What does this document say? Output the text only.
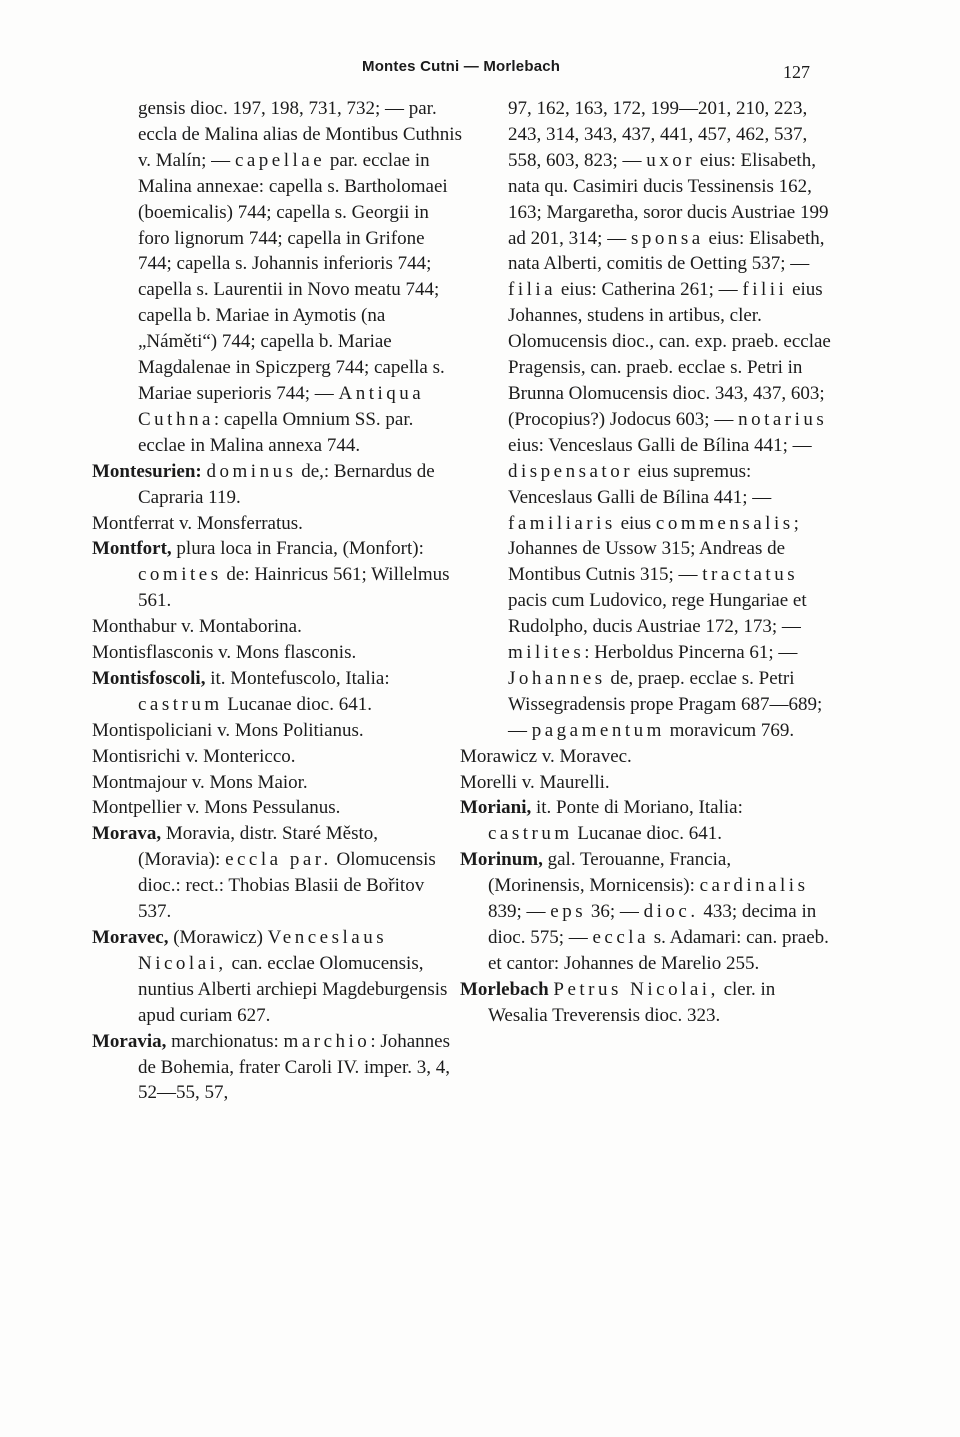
Montes Cutni — Morlebach	127

gensis dioc. 197, 198, 731, 732; — par. eccla de Malina alias de Montibus Cuthnis v. Malín; — capellae par. ecclae in Malina annexae: capella s. Bartholomaei (boemicalis) 744; capella s. Georgii in foro lignorum 744; capella in Grifone 744; capella s. Johannis inferioris 744; capella s. Laurentii in Novo meatu 744; capella b. Mariae in Aymotis (na „Náměti“) 744; capella b. Mariae Magdalenae in Spiczperg 744; capella s. Mariae superioris 744; — Antiqua Cuthna: capella Omnium SS. par. ecclae in Malina annexa 744.

Montesurien: dominus de,: Bernardus de Capraria 119.

Montferrat v. Monsferratus.

Montfort, plura loca in Francia, (Monfort): comites de: Hainricus 561; Willelmus 561.

Monthabur v. Montaborina.

Montisflasconis v. Mons flasconis.

Montisfoscoli, it. Montefuscolo, Italia: castrum Lucanae dioc. 641.

Montispoliciani v. Mons Politianus.

Montisrichi v. Montericco.

Montmajour v. Mons Maior.

Montpellier v. Mons Pessulanus.

Morava, Moravia, distr. Staré Město, (Moravia): eccla par. Olomucensis dioc.: rect.: Thobias Blasii de Bořitov 537.

Moravec, (Morawicz) Venceslaus Nicolai, can. ecclae Olomucensis, nuntius Alberti archiepi Magdeburgensis apud curiam 627.

Moravia, marchionatus: marchio: Johannes de Bohemia, frater Caroli IV. imper. 3, 4, 52—55, 57,

97, 162, 163, 172, 199—201, 210, 223, 243, 314, 343, 437, 441, 457, 462, 537, 558, 603, 823; — uxor eius: Elisabeth, nata qu. Casimiri ducis Tessinensis 162, 163; Margaretha, soror ducis Austriae 199 ad 201, 314; — sponsa eius: Elisabeth, nata Alberti, comitis de Oetting 537; — filia eius: Catherina 261; — filii eius Johannes, studens in artibus, cler. Olomucensis dioc., can. exp. praeb. ecclae Pragensis, can. praeb. ecclae s. Petri in Brunna Olomucensis dioc. 343, 437, 603; (Procopius?) Jodocus 603; — notarius eius: Venceslaus Galli de Bílina 441; — dispensator eius supremus: Venceslaus Galli de Bílina 441; — familiaris eius commensalis; Johannes de Ussow 315; Andreas de Montibus Cutnis 315; — tractatus pacis cum Ludovico, rege Hungariae et Rudolpho, ducis Austriae 172, 173; — milites: Herboldus Pincerna 61; — Johannes de, praep. ecclae s. Petri Wissegradensis prope Pragam 687—689; — pagamentum moravicum 769.

Morawicz v. Moravec.

Morelli v. Maurelli.

Moriani, it. Ponte di Moriano, Italia: castrum Lucanae dioc. 641.

Morinum, gal. Terouanne, Francia, (Morinensis, Mornicensis): cardinalis 839; — eps 36; — dioc. 433; decima in dioc. 575; — eccla s. Adamari: can. praeb. et cantor: Johannes de Marelio 255.

Morlebach Petrus Nicolai, cler. in Wesalia Treverensis dioc. 323.
